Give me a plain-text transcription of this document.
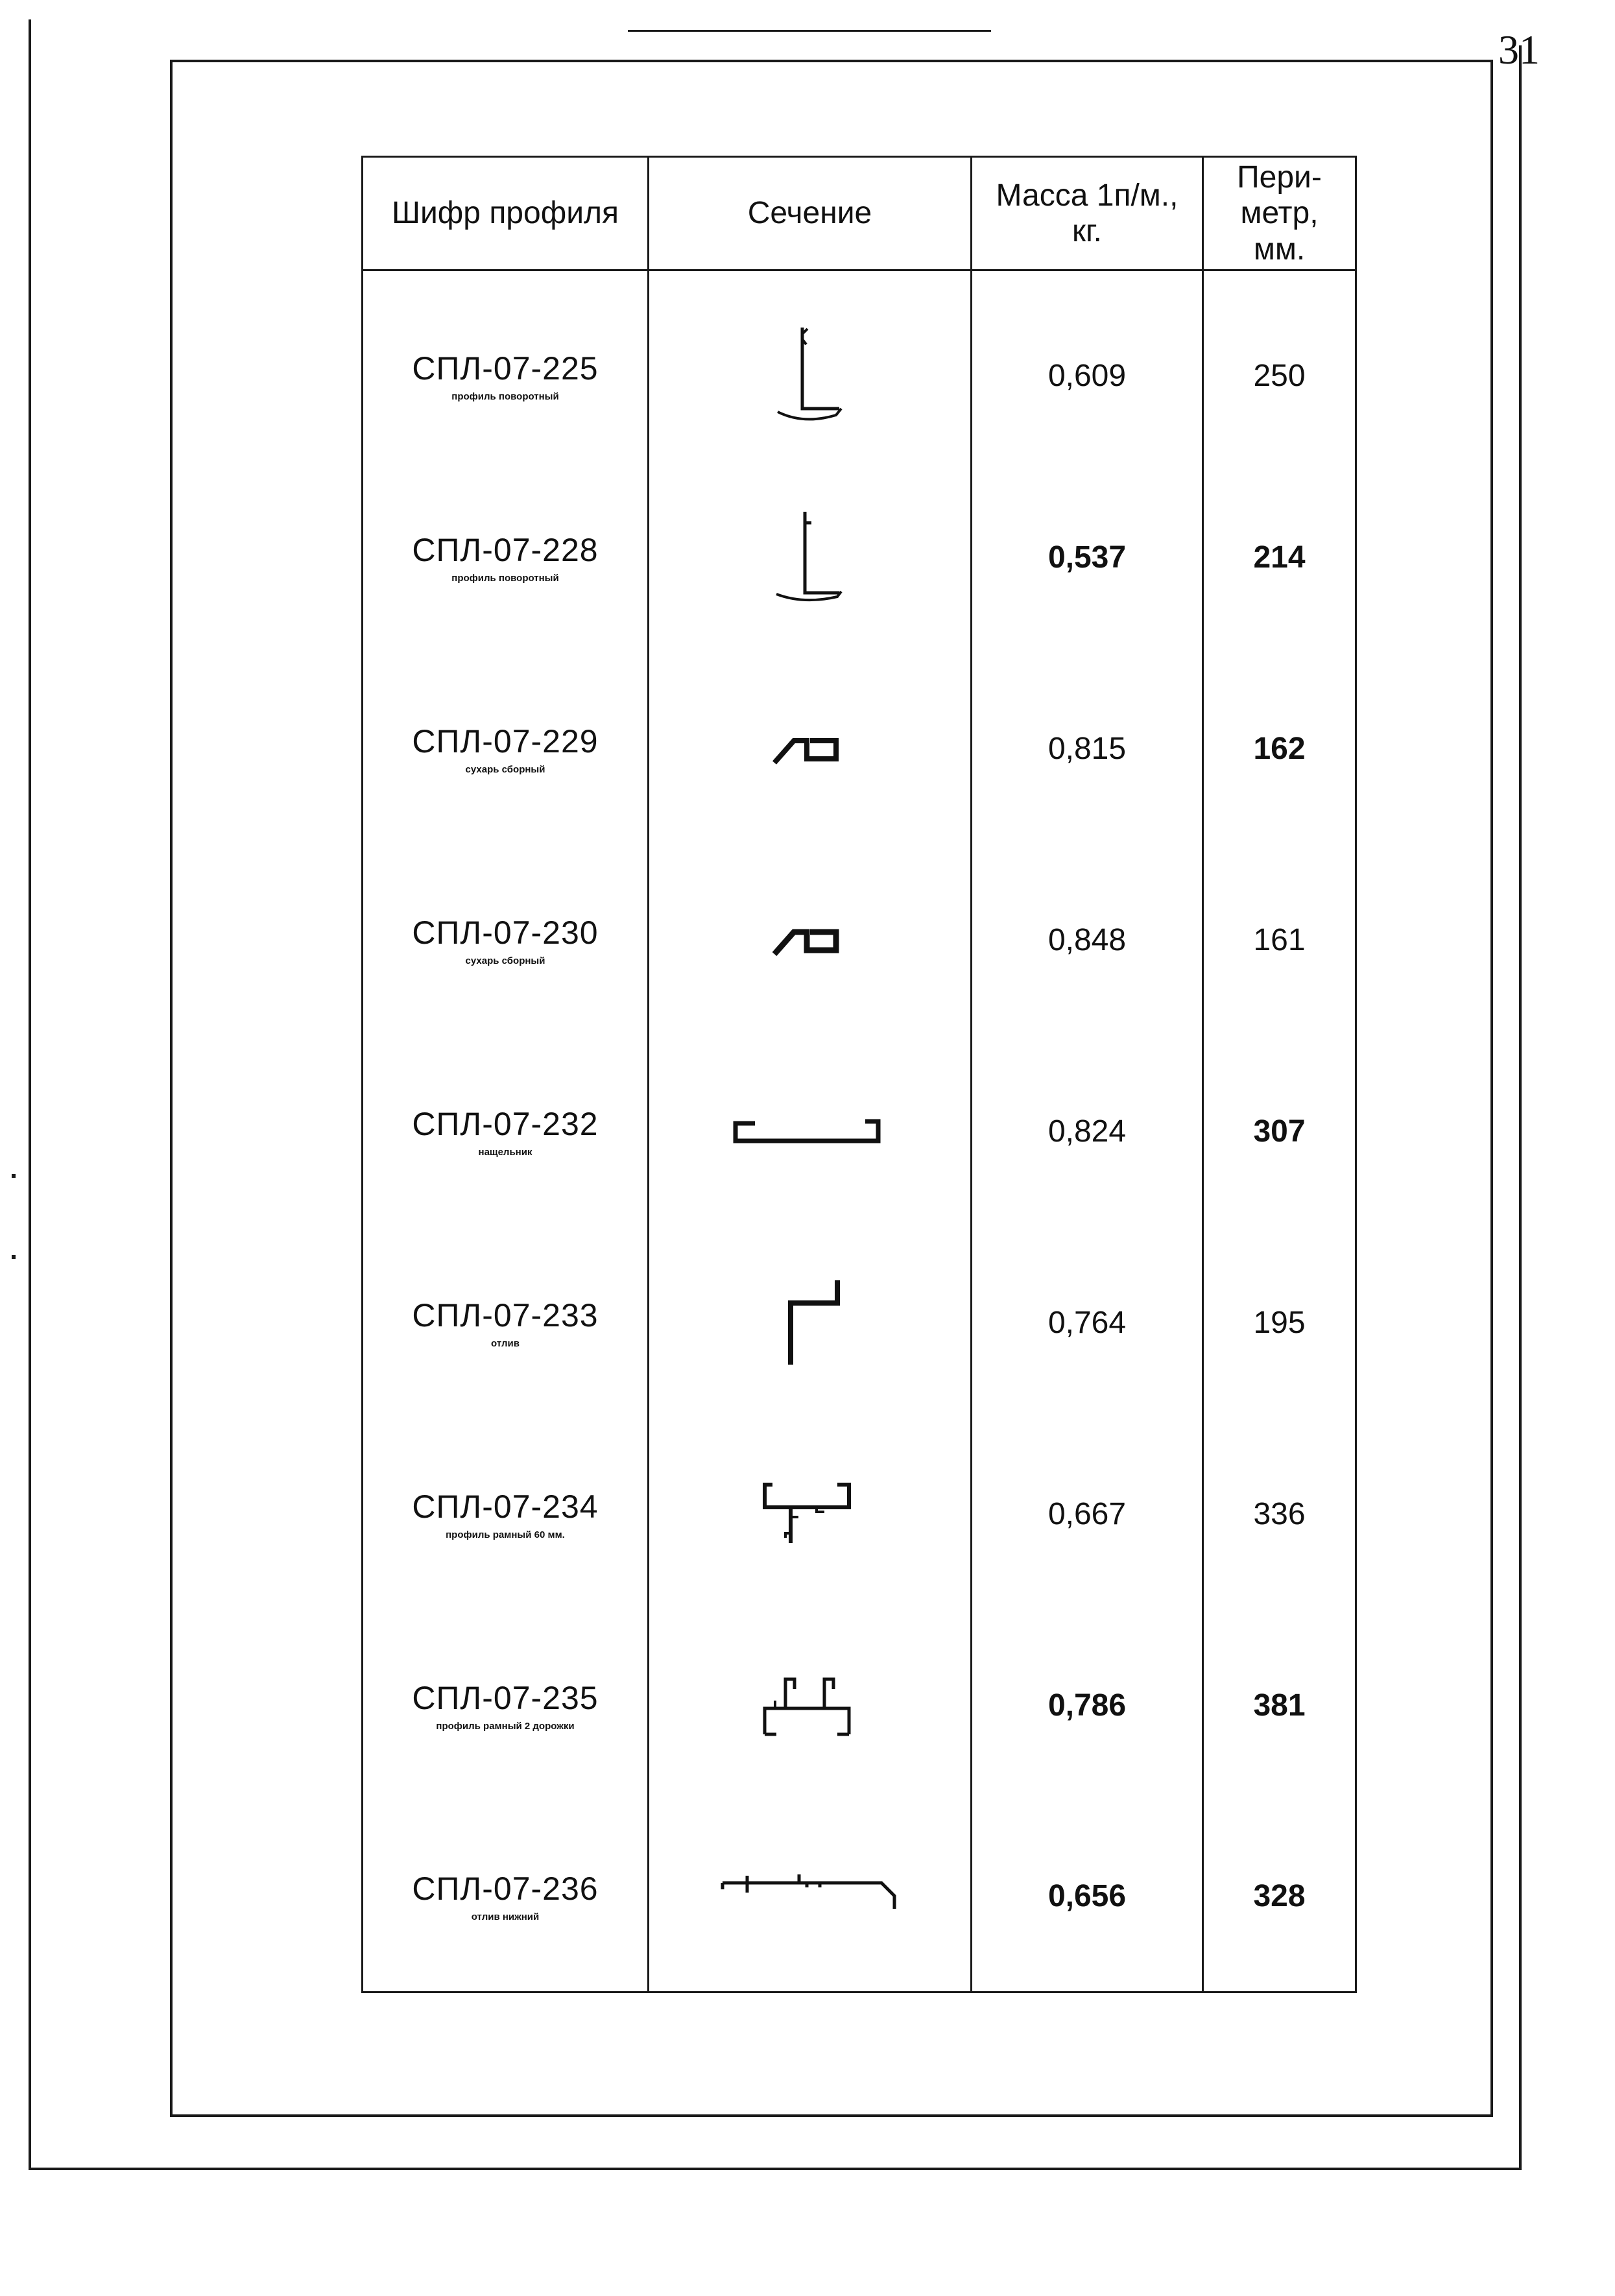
31
Шифр профиля	Сечение	Масса 1п/м., кг.	Пери-метр, мм.

СПЛ-07-225
профиль поворотный		0,609	250

СПЛ-07-228
профиль поворотный		0,537	214

СПЛ-07-229
сухарь сборный		0,815	162

СПЛ-07-230
сухарь сборный		0,848	161

СПЛ-07-232
нащельник		0,824	307

СПЛ-07-233
отлив		0,764	195

СПЛ-07-234
профиль рамный 60 мм.		0,667	336

СПЛ-07-235
профиль рамный 2 дорожки		0,786	381

СПЛ-07-236
отлив нижний		0,656	328
